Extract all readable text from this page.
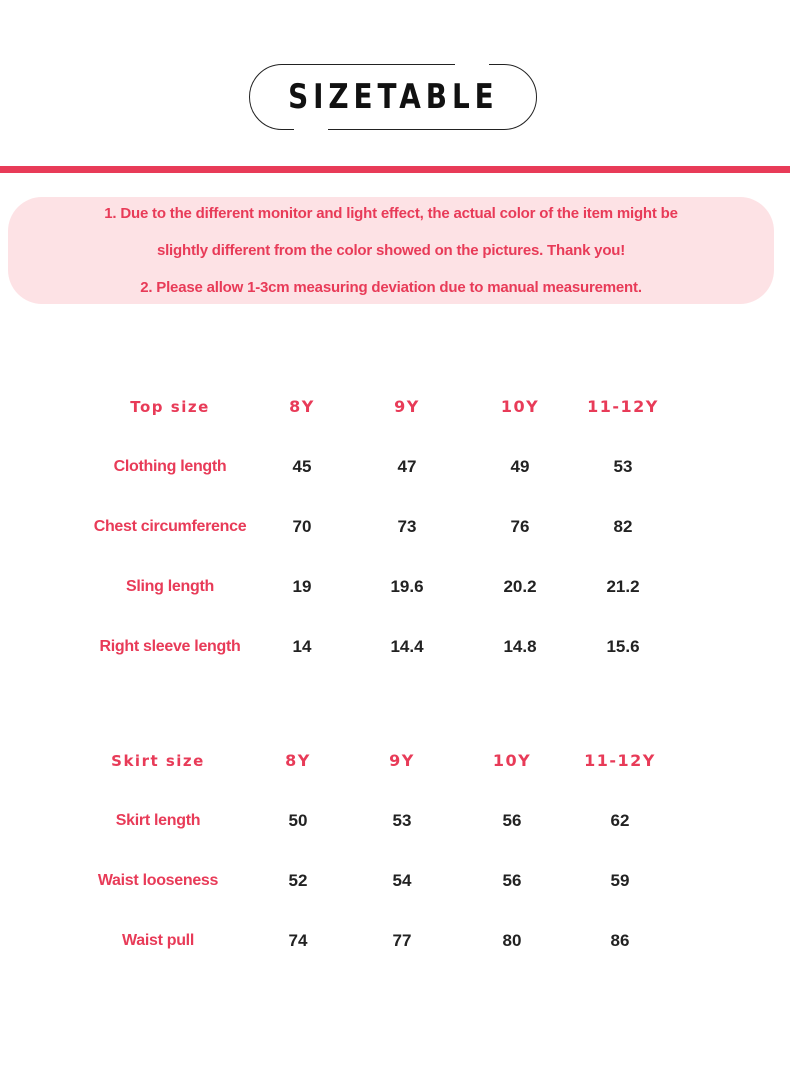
SIZETABLE
1. Due to the different monitor and light effect, the actual color of the item might be
slightly different from the color showed on the pictures. Thank you!
2. Please allow 1-3cm measuring deviation due to manual measurement.
Top size	8Y	9Y	10Y	11-12Y
Clothing length	45	47	49	53
Chest circumference	70	73	76	82
Sling length	19	19.6	20.2	21.2
Right sleeve length	14	14.4	14.8	15.6
Skirt size	8Y	9Y	10Y	11-12Y
Skirt length	50	53	56	62
Waist looseness	52	54	56	59
Waist pull	74	77	80	86
